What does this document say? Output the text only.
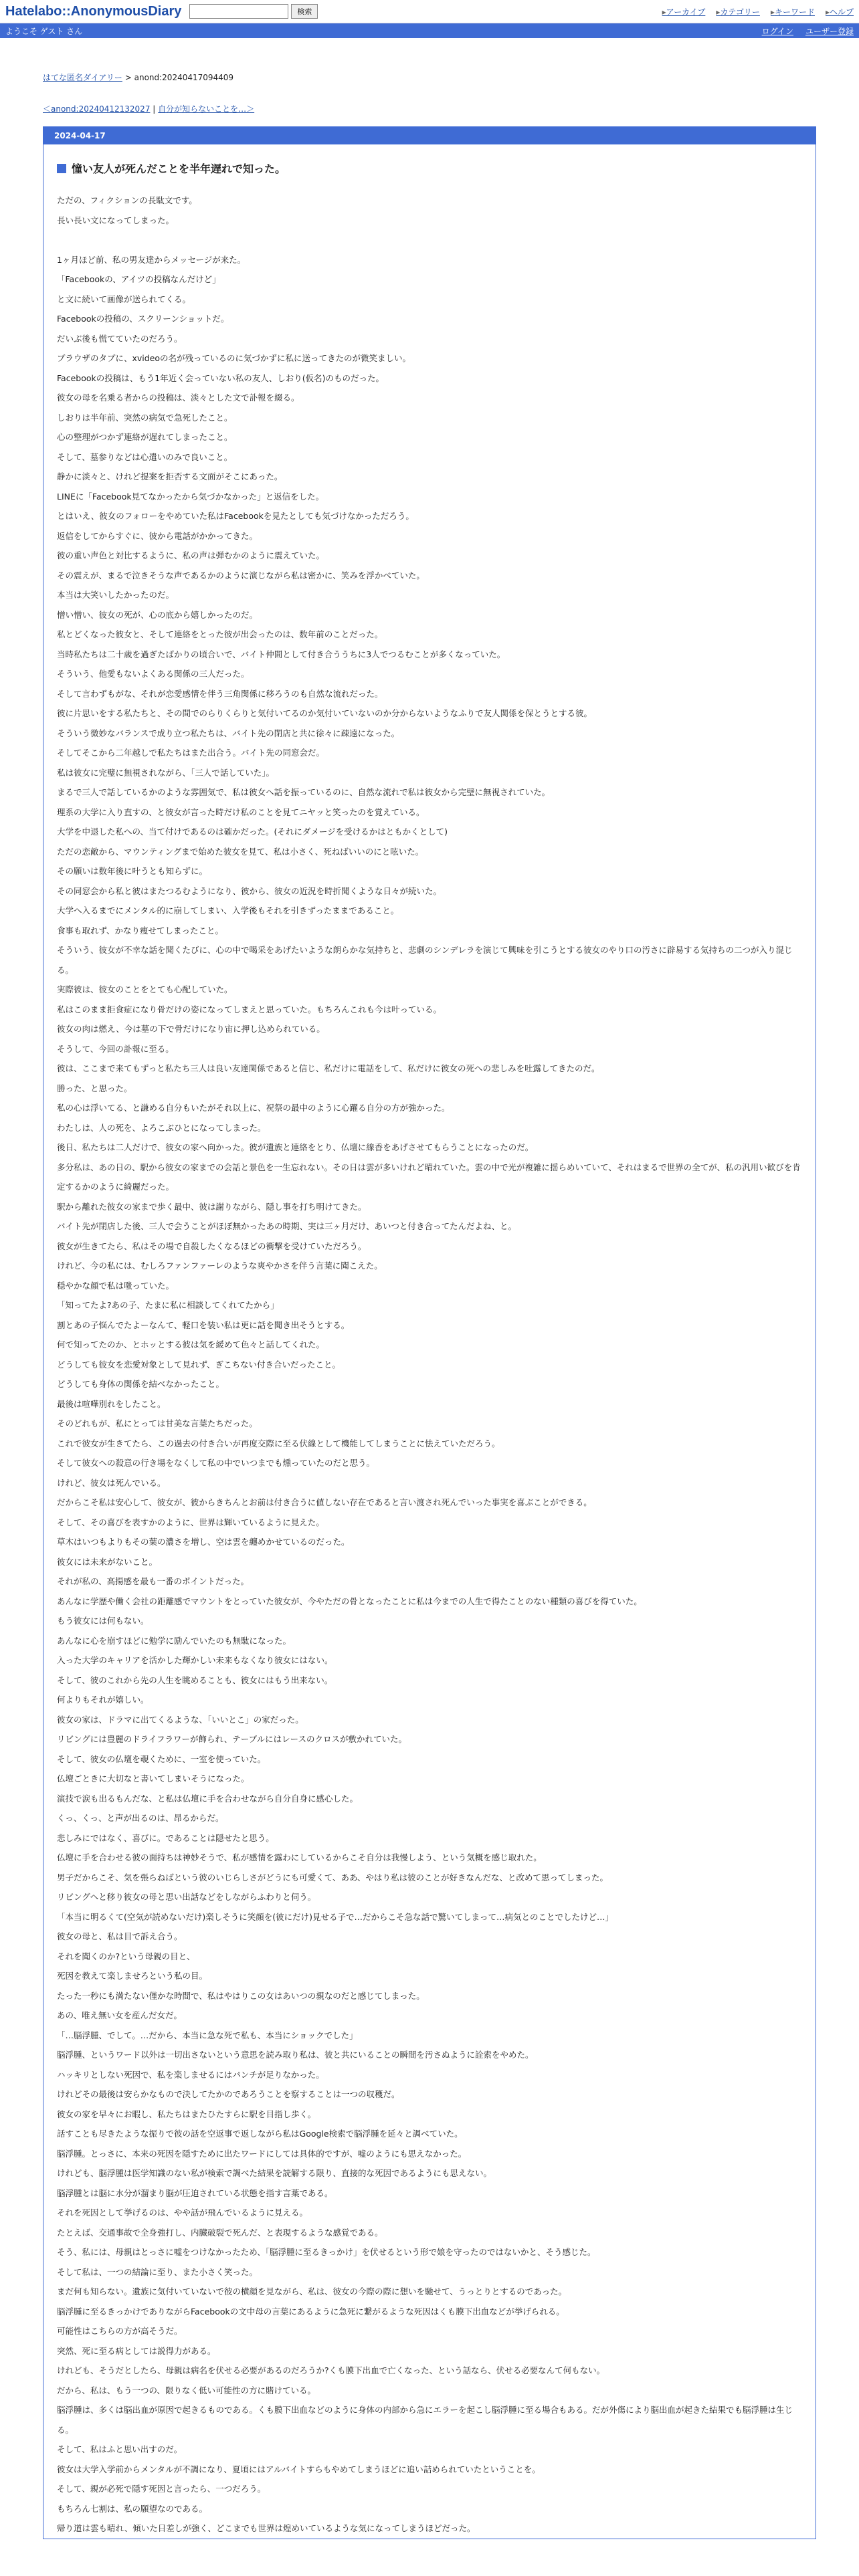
Hatelabo::AnonymousDiary	検索	▸ アーカイブ	▸ カテゴリー	▸ キーワード	▸ ヘルプ
ようこそ ゲスト さん	ログイン ユーザー登録
はてな匿名ダイアリー > anond:20240417094409
＜anond:20240412132027 | 自分が知らないことを…＞
2024-04-17
憧い友人が死んだことを半年遅れで知った。

ただの、フィクションの長駄文です。

長い長い文になってしまった。

1ヶ月ほど前、私の男友達からメッセージが来た。

「Facebookの、アイツの投稿なんだけど」

と文に続いて画像が送られてくる。

Facebookの投稿の、スクリーンショットだ。

だいぶ後も慌てていたのだろう。

ブラウザのタブに、xvideoの名が残っているのに気づかずに私に送ってきたのが微笑ましい。

Facebookの投稿は、もう1年近く会っていない私の友人、しおり(仮名)のものだった。

彼女の母を名乗る者からの投稿は、淡々とした文で訃報を綴る。

しおりは半年前、突然の病気で急死したこと。

心の整理がつかず連絡が遅れてしまったこと。

そして、墓参りなどは心遣いのみで良いこと。

静かに淡々と、けれど提案を拒否する文面がそこにあった。

LINEに「Facebook見てなかったから気づかなかった」と返信をした。

とはいえ、彼女のフォローをやめていた私はFacebookを見たとしても気づけなかっただろう。

返信をしてからすぐに、彼から電話がかかってきた。

彼の重い声色と対比するように、私の声は弾むかのように震えていた。

その震えが、まるで泣きそうな声であるかのように演じながら私は密かに、笑みを浮かべていた。

本当は大笑いしたかったのだ。

憎い憎い、彼女の死が、心の底から嬉しかったのだ。

私とどくなった彼女と、そして連絡をとった彼が出会ったのは、数年前のことだった。

当時私たちは二十歳を過ぎたばかりの頃合いで、バイト仲間として付き合ううちに3人でつるむことが多くなっていた。

そういう、他愛もないよくある関係の三人だった。

そして言わずもがな、それが恋愛感情を伴う三角関係に移ろうのも自然な流れだった。

彼に片思いをする私たちと、その間でのらりくらりと気付いてるのか気付いていないのか分からないようなふりで友人関係を保とうとする彼。

そういう微妙なバランスで成り立つ私たちは、バイト先の閉店と共に徐々に疎遠になった。

そしてそこから二年越しで私たちはまた出合う。バイト先の同窓会だ。

私は彼女に完璧に無視されながら、「三人で話していた」。

まるで三人で話しているかのような雰囲気で、私は彼女へ話を振っているのに、自然な流れで私は彼女から完璧に無視されていた。

理系の大学に入り直すの、と彼女が言った時だけ私のことを見てニヤッと笑ったのを覚えている。

大学を中退した私への、当て付けであるのは確かだった。(それにダメージを受けるかはともかくとして)

ただの恋敵から、マウンティングまで始めた彼女を見て、私は小さく、死ねばいいのにと呟いた。

その願いは数年後に叶うとも知らずに。

その同窓会から私と彼はまたつるむようになり、彼から、彼女の近況を時折聞くような日々が続いた。

大学へ入るまでにメンタル的に崩してしまい、入学後もそれを引きずったままであること。

食事も取れず、かなり痩せてしまったこと。

そういう、彼女が不幸な話を聞くたびに、心の中で喝采をあげたいような朗らかな気持ちと、悲劇のシンデレラを演じて興味を引こうとする彼女のやり口の汚さに辟易する気持ちの二つが入り混じる。

実際彼は、彼女のことをとても心配していた。

私はこのまま拒食症になり骨だけの姿になってしまえと思っていた。もちろんこれも今は叶っている。

彼女の肉は燃え、今は墓の下で骨だけになり宙に押し込められている。

そうして、今回の訃報に至る。

彼は、ここまで来てもずっと私たち三人は良い友達関係であると信じ、私だけに電話をして、私だけに彼女の死への悲しみを吐露してきたのだ。

勝った、と思った。

私の心は浮いてる、と謙める自分もいたがそれ以上に、祝祭の最中のように心躍る自分の方が強かった。

わたしは、人の死を、よろこぶひとになってしまった。

後日、私たちは二人だけで、彼女の家へ向かった。彼が遺族と連絡をとり、仏壇に線香をあげさせてもらうことになったのだ。

多分私は、あの日の、駅から彼女の家までの会話と景色を一生忘れない。その日は雲が多いけれど晴れていた。雲の中で光が複雑に揺らめいていて、それはまるで世界の全てが、私の汎用い歓びを肯定するかのように綺麗だった。

駅から離れた彼女の家まで歩く最中、彼は謝りながら、隠し事を打ち明けてきた。

バイト先が閉店した後、三人で会うことがほぼ無かったあの時期、実は三ヶ月だけ、あいつと付き合ってたんだよね、と。

彼女が生きてたら、私はその場で自殺したくなるほどの衝撃を受けていただろう。

けれど、今の私には、むしろファンファーレのような爽やかさを伴う言葉に聞こえた。

穏やかな顔で私は嗤っていた。

「知ってたよ?あの子、たまに私に相談してくれてたから」

割とあの子悩んでたよーなんて、軽口を装い私は更に話を聞き出そうとする。

何で知ってたのか、とホッとする彼は気を緩めて色々と話してくれた。

どうしても彼女を恋愛対象として見れず、ぎこちない付き合いだったこと。

どうしても身体の関係を結べなかったこと。

最後は喧嘩別れをしたこと。

そのどれもが、私にとっては甘美な言葉たちだった。

これで彼女が生きてたら、この過去の付き合いが再度交際に至る伏線として機能してしまうことに怯えていただろう。

そして彼女への殺意の行き場をなくして私の中でいつまでも燻っていたのだと思う。

けれど、彼女は死んでいる。

だからこそ私は安心して、彼女が、彼からきちんとお前は付き合うに値しない存在であると言い渡され死んでいった事実を喜ぶことができる。

そして、その喜びを表すかのように、世界は輝いているように見えた。

草木はいつもよりもその葉の濃さを増し、空は雲を纏めかせているのだった。

彼女には未来がないこと。

それが私の、高揚感を最も一番のポイントだった。

あんなに学歴や働く会社の距離感でマウントをとっていた彼女が、今やただの骨となったことに私は今までの人生で得たことのない種類の喜びを得ていた。

もう彼女には何もない。

あんなに心を崩すほどに勉学に励んでいたのも無駄になった。

入った大学のキャリアを活かした輝かしい未来もなくなり彼女にはない。

そして、彼のこれから先の人生を眺めることも、彼女にはもう出来ない。

何よりもそれが嬉しい。

彼女の家は、ドラマに出てくるような、「いいとこ」の家だった。

リビングには豊麗のドライフラワーが飾られ、テーブルにはレースのクロスが敷かれていた。

そして、彼女の仏壇を覗くために、一室を使っていた。

仏壇ごときに大切なと書いてしまいそうになった。

演技で涙も出るもんだな、と私は仏壇に手を合わせながら自分自身に感心した。

くっ、くっ、と声が出るのは、昂るからだ。

悲しみにではなく、喜びに。であることは隠せたと思う。

仏壇に手を合わせる彼の面持ちは神妙そうで、私が感情を露わにしているからこそ自分は我慢しよう、という気概を感じ取れた。

男子だからこそ、気を張らねばという彼のいじらしさがどうにも可愛くて、ああ、やはり私は彼のことが好きなんだな、と改めて思ってしまった。

リビングへと移り彼女の母と思い出話などをしながらふわりと伺う。

「本当に明るくて(空気が読めないだけ)楽しそうに笑顔を(彼にだけ)見せる子で…だからこそ急な話で驚いてしまって…病気とのことでしたけど…」

彼女の母と、私は目で訴え合う。

それを聞くのか?という母親の目と、

死因を教えて楽しませろという私の目。

たった一秒にも満たない僅かな時間で、私はやはりこの女はあいつの親なのだと感じてしまった。

あの、唯え無い女を産んだ女だ。

「…脳浮腫、でして。…だから、本当に急な死で私も、本当にショックでした」

脳浮腫、というワード以外は一切出さないという意思を読み取り私は、彼と共にいることの瞬間を汚さぬように詮索をやめた。

ハッキリとしない死因で、私を楽しませるにはパンチが足りなかった。

けれどその最後は安らかなもので決してたかのであろうことを察することは一つの収穫だ。

彼女の家を早々にお暇し、私たちはまたひたすらに駅を目指し歩く。

話すことも尽きたような振りで彼の話を空返事で返しながら私はGoogle検索で脳浮腫を延々と調べていた。

脳浮腫。とっさに、本来の死因を隠すために出たワードにしては具体的ですが、嘘のようにも思えなかった。

けれども、脳浮腫は医学知識のない私が検索で調べた結果を読解する限り、直接的な死因であるようにも思えない。

脳浮腫とは脳に水分が溜まり脳が圧迫されている状態を指す言葉である。

それを死因として挙げるのは、やや話が飛んでいるように見える。

たとえば、交通事故で全身強打し、内臓破裂で死んだ、と表現するような感覚である。

そう、私には、母親はとっさに嘘をつけなかったため、「脳浮腫に至るきっかけ」を伏せるという形で娘を守ったのではないかと、そう感じた。

そして私は、一つの結論に至り、また小さく笑った。

まだ何も知らない。遺族に気付いていないで彼の横顔を見ながら、私は、彼女の今際の際に想いを馳せて、うっとりとするのであった。

脳浮腫に至るきっかけでありながらFacebookの文中母の言葉にあるように急死に繋がるような死因はくも膜下出血などが挙げられる。

可能性はこちらの方が高そうだ。

突然、死に至る病としては説得力がある。

けれども、そうだとしたら、母親は病名を伏せる必要があるのだろうか?くも膜下出血で亡くなった、という話なら、伏せる必要なんて何もない。

だから、私は、もう一つの、限りなく低い可能性の方に賭けている。

脳浮腫は、多くは脳出血が原因で起きるものである。くも膜下出血などのように身体の内部から急にエラーを起こし脳浮腫に至る場合もある。だが外傷により脳出血が起きた結果でも脳浮腫は生じる。

そして、私はふと思い出すのだ。

彼女は大学入学前からメンタルが不調になり、夏頃にはアルバイトすらもやめてしまうほどに追い詰められていたということを。

そして、親が必死で隠す死因と言ったら、一つだろう。

もちろん七割は、私の願望なのである。

帰り道は雲も晴れ、傾いた日差しが強く、どこまでも世界は煌めいているような気になってしまうほどだった。
